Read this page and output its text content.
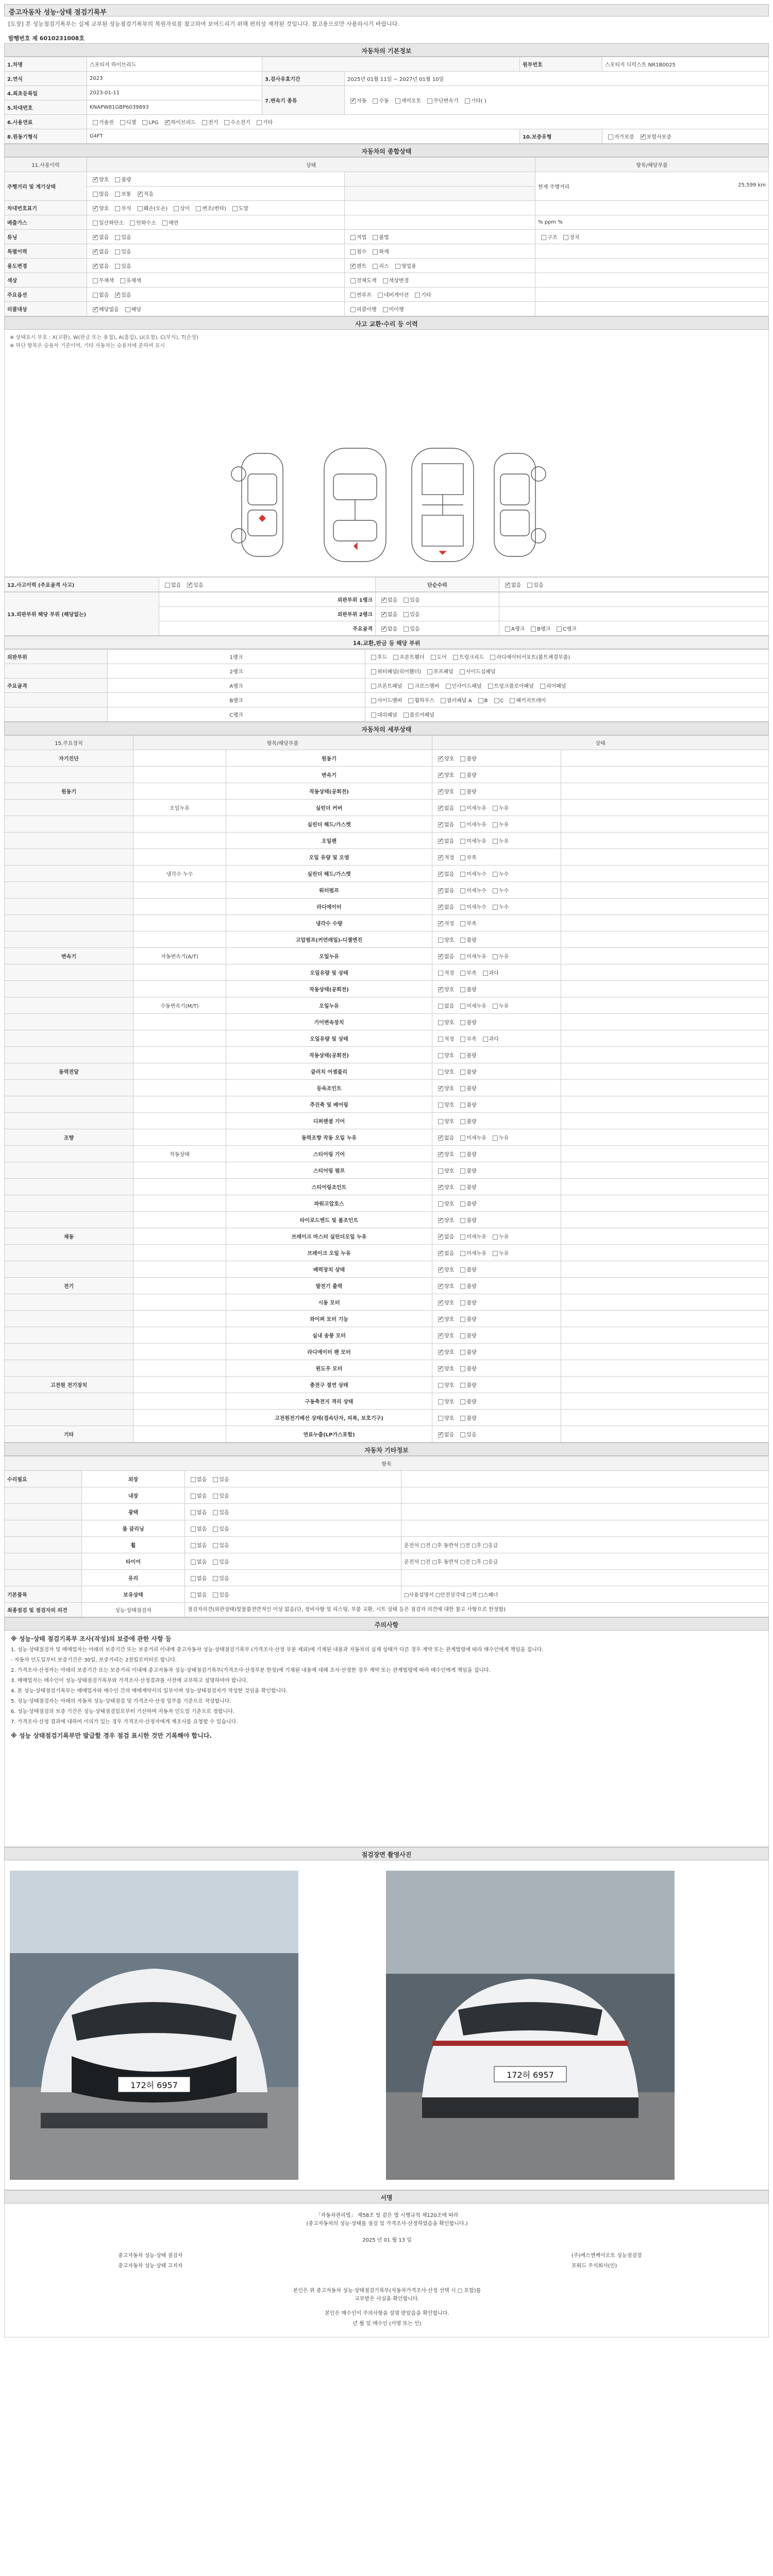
중고자동차 성능·상태 점검기록부
[도장] 본 성능점검기록부는 실제 교부된 성능점검기록부의 복원자료를 참고하여 보여드리기 위해 편의상 재작된 것입니다. 참고용으로만 사용하시기 바랍니다.
발행번호 제 6010231008호
자동차의 기본정보
1.차명	스포티지 하이브리드			원부번호	스포티지 디럭스트 NR1B0025
2.연식	2023	3.검사유효기간	2025년 01월 11일 ~ 2027년 01월 10일		
4.최초등록일	2023-01-11	7.변속기 종류	✓자동 수동 세미오토 무단변속기 기타( )
5.차대번호	KNAPW81GBP6039893				
6.사용연료	가솔린 디젤 LPG ✓ 하이브리드 전기 수소전기 기타
8.원동기형식	G4FT			10.보증유형	자가보증 ✓ 보험사보증
자동차의 종합상태
11.사용이력	상태		항목/해당부품
주행거리 및 계기상태	✓양호 불량		현재 주행거리 25,599 km

	많음 보통 ✓ 적음	
차대번호표기	✓양호 부식 훼손(오손) 상이 변조(변타) 도말		
배출가스	일산화탄소 탄화수소 매연		% ppm %
튜닝	✓없음 있음	적법 불법	구조 장치
특별이력	✓없음 있음	침수 화재	
용도변경	✓없음 있음	✓렌트 리스 영업용	
색상	무채색 유채색	전체도색 색상변경	
주요옵션	없음 ✓ 있음	썬루프 네비게이션 기타	
리콜대상	✓해당없음 해당	리콜이행 미이행	
사고 교환·수리 등 이력
※ 상태표시 부호 : X(교환), W(판금 또는 용접), A(흠집), U(요철), C(부식), T(손상)
※ 하단 항목은 승용차 기준이며, 기타 자동차는 승용차에 준하여 표시
12.사고이력 (주요골격 사고)	없음 ✓ 있음	단순수리	✓없음 있음
13.외판부위 해당 부위 (해당없는)	외판부위 1랭크	✓없음 있음	
	외판부위 2랭크	✓없음 있음	
	주요골격	✓없음 있음	A랭크 B랭크 C랭크
14.교환,판금 등 해당 부위
외판부위	1랭크	후드 프론트휀더 도어 트렁크리드 라디에이터서포트(볼트체결부품)
	2랭크	쿼터패널(리어휀더) 루프패널 사이드실패널
주요골격	A랭크	프론트패널 크로스멤버 인사이드패널 트렁크플로어패널 리어패널
	B랭크	사이드멤버 휠하우스 필러패널 A B C 패키지트레이
	C랭크	대쉬패널 플로어패널
자동차의 세부상태
15.주요장치	항목/해당부품		상태	
자기진단		원동기	✓양호 불량	
		변속기	✓양호 불량	
원동기		작동상태(공회전)	✓양호 불량	
	오일누유	실린더 커버	✓없음 미세누유 누유	
		실린더 헤드/가스켓	✓없음 미세누유 누유	
		오일팬	✓없음 미세누유 누유	
		오일 유량 및 오염	✓적정 부족	
	냉각수 누수	실린더 헤드/가스켓	✓없음 미세누수 누수	
		워터펌프	✓없음 미세누수 누수	
		라디에이터	✓없음 미세누수 누수	
		냉각수 수량	✓적정 부족	
		고압펌프(커먼레일)-디젤엔진	양호 불량	
변속기	자동변속기(A/T)	오일누유	✓없음 미세누유 누유	
		오일유량 및 상태	적정 부족 과다	
		작동상태(공회전)	✓양호 불량	
	수동변속기(M/T)	오일누유	없음 미세누유 누유	
		기어변속장치	양호 불량	
		오일유량 및 상태	적정 부족 과다	
		작동상태(공회전)	양호 불량	
동력전달		클러치 어셈블리	양호 불량	
		등속조인트	✓양호 불량	
		추진축 및 베어링	양호 불량	
		디퍼렌셜 기어	양호 불량	
조향		동력조향 작동 오일 누유	✓없음 미세누유 누유	
	작동상태	스티어링 기어	✓양호 불량	
		스티어링 펌프	양호 불량	
		스티어링조인트	✓양호 불량	
		파워고압호스	양호 불량	
		타이로드엔드 및 볼조인트	✓양호 불량	
제동		브레이크 마스터 실린더오일 누유	✓없음 미세누유 누유	
		브레이크 오일 누유	✓없음 미세누유 누유	
		배력장치 상태	✓양호 불량	
전기		발전기 출력	✓양호 불량	
		시동 모터	✓양호 불량	
		와이퍼 모터 기능	✓양호 불량	
		실내 송풍 모터	✓양호 불량	
		라디에이터 팬 모터	✓양호 불량	
		윈도우 모터	✓양호 불량	
고전원 전기장치		충전구 절연 상태	양호 불량	
		구동축전지 격리 상태	양호 불량	
		고전원전기배선 상태(접속단자, 피복, 보호기구)	양호 불량	
기타		연료누출(LP가스포함)	✓없음 있음	
자동차 기타정보
항목			
수리필요	외장	없음 있음	
	내장	없음 있음	
	광택	없음 있음	
	룸 클리닝	없음 있음	
	휠	없음 있음	운전석 □전 □후 동반석 □전 □후 □응급
	타이어	없음 있음	운전석 □전 □후 동반석 □전 □후 □응급
	유리	없음 있음	
기본품목	보유상태	없음 있음	□사용설명서 □안전삼각대 □잭 □스패너
최종점검 및 점검자의 의견	성능·상태점검자	점검자의견(외관상태)빛물품전반적인 이상 없음(단, 정비사항 및 리스팅, 부품 교환, 시트 상태 등은 점검자 의견에 대한 참고 사항으로 한정함)	
주의사항
※ 성능·상태 점검기록부 조사(작성)의 보증에 관한 사항 등
1. 성능·상태점검자 및 매매업자는 아래의 보증기간 또는 보증거리 이내에 중고자동차 성능·상태점검기록부 (가격조사·산정 부분 제외)에 기재된 내용과 자동차의 실제 상태가 다른 경우 계약 또는 관계법령에 따라 매수인에게 책임을 집니다.
- 자동차 인도일부터 보증기간은 30일, 보증거리는 2천킬로미터로 합니다.
2. 가격조사·산정자는 아래의 보증기간 또는 보증거리 이내에 중고자동차 성능·상태점검기록부(가격조사·산정부분 한정)에 기재된 내용에 대해 조사·산정한 경우 계약 또는 관계법령에 따라 매수인에게 책임을 집니다.
3. 매매업자는 매수인이 성능·상태점검기록부와 가격조사·산정결과를 사전에 교부하고 설명하여야 합니다.
4. 본 성능·상태점검기록부는 매매업자와 매수인 간의 매매계약서의 일부이며 성능·상태점검자가 작성한 것임을 확인합니다.
5. 성능·상태점검자는 아래의 자동차 성능·상태점검 및 가격조사·산정 업무를 기준으로 작성합니다.
6. 성능·상태점검의 보증 기간은 성능·상태점검일로부터 기산하며 자동차 인도일 기준으로 정합니다.
7. 가격조사·산정 결과에 대하여 이의가 있는 경우 가격조사·산정자에게 재조사를 요청할 수 있습니다.
※ 성능 상태점검기록부만 발급할 경우 점검 표시한 것만 기록해야 합니다.
점검장면 촬영사진
172허 6957
172허 6957
서명
「자동차관리법」 제58조 및 같은 법 시행규칙 제120조에 따라
(중고자동차의 성능·상태를 점검 및 가격조사·산정하였음을 확인합니다.)
2025 년 01 월 13 일
중고자동차 성능·상태 점검자	(주)에스엔케이오토 성능점검장
중고자동차 성능·상태 고지자	포워드 주식회사(인)
본인은 위 중고자동차 성능·상태점검기록부(자동차가격조사·산정 선택 시 □ 포함)를
교부받은 사실을 확인합니다.
본인은 매수인이 주의사항을 설명 받았음을 확인합니다.
년 월 일 매수인 (서명 또는 인)
